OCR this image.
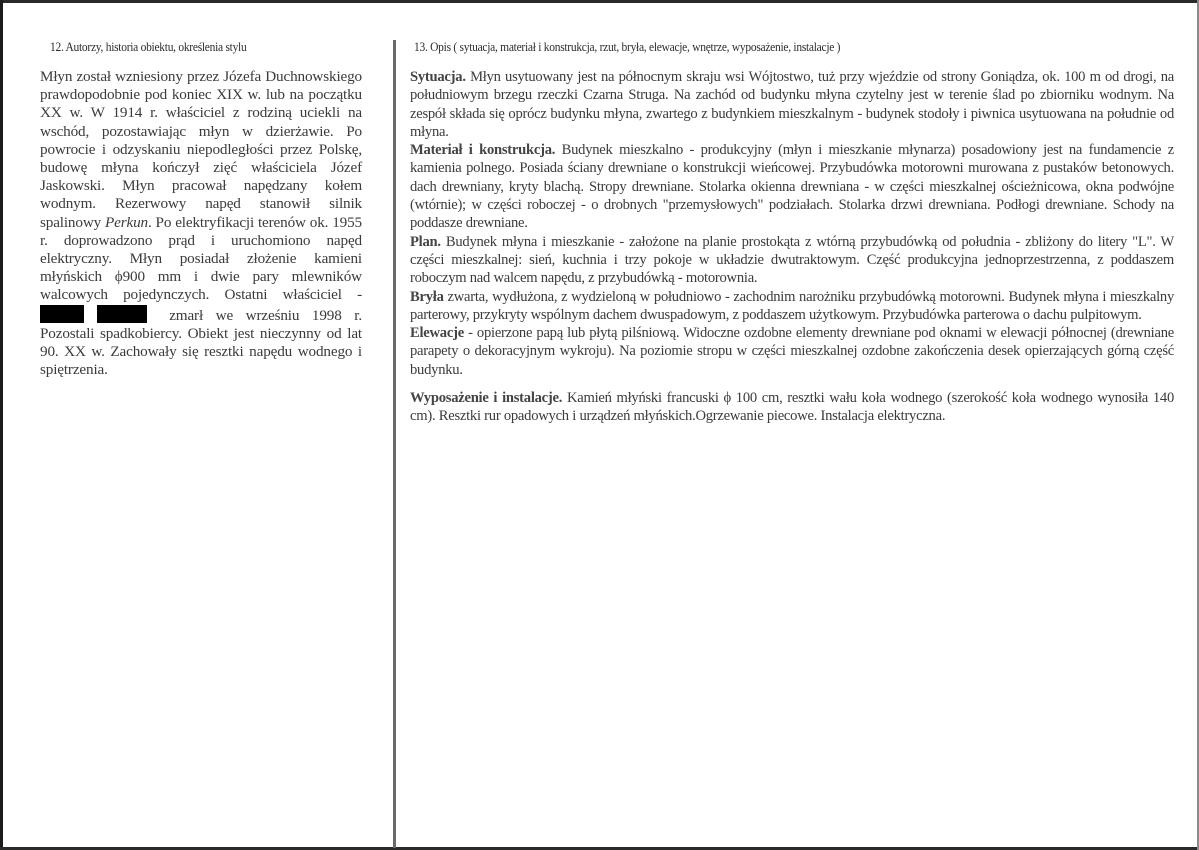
12. Autorzy, historia obiektu, określenia stylu
Młyn został wzniesiony przez Józefa Duchnowskiego prawdopodobnie pod koniec XIX w. lub na początku XX w. W 1914 r. właściciel z rodziną uciekli na wschód, pozostawiając młyn w dzierżawie. Po powrocie i odzyskaniu niepodległości przez Polskę, budowę młyna kończył zięć właściciela Józef Jaskowski. Młyn pracował napędzany kołem wodnym. Rezerwowy napęd stanowił silnik spalinowy Perkun. Po elektryfikacji terenów ok. 1955 r. doprowadzono prąd i uruchomiono napęd elektryczny. Młyn posiadał złożenie kamieni młyńskich ϕ900 mm i dwie pary mlewników walcowych pojedynczych. Ostatni właściciel -   zmarł we wrześniu 1998 r. Pozostali spadkobiercy. Obiekt jest nieczynny od lat 90. XX w. Zachowały się resztki napędu wodnego i spiętrzenia.
13. Opis ( sytuacja, materiał i konstrukcja, rzut, bryła, elewacje, wnętrze, wyposażenie, instalacje )

Sytuacja. Młyn usytuowany jest na północnym skraju wsi Wójtostwo, tuż przy wjeździe od strony Goniądza, ok. 100 m od drogi, na południowym brzegu rzeczki Czarna Struga. Na zachód od budynku młyna czytelny jest w terenie ślad po zbiorniku wodnym. Na zespół składa się oprócz budynku młyna, zwartego z budynkiem mieszkalnym - budynek stodoły i piwnica usytuowana na południe od młyna.

Materiał i konstrukcja. Budynek mieszkalno - produkcyjny (młyn i mieszkanie młynarza) posadowiony jest na fundamencie z kamienia polnego. Posiada ściany drewniane o konstrukcji wieńcowej. Przybudówka motorowni murowana z pustaków betonowych. dach drewniany, kryty blachą. Stropy drewniane. Stolarka okienna drewniana - w części mieszkalnej ościeżnicowa, okna podwójne (wtórnie); w części roboczej - o drobnych "przemysłowych" podziałach. Stolarka drzwi drewniana. Podłogi drewniane. Schody na poddasze drewniane.

Plan. Budynek młyna i mieszkanie - założone na planie prostokąta z wtórną przybudówką od południa - zbliżony do litery "L". W części mieszkalnej: sień, kuchnia i trzy pokoje w układzie dwutraktowym. Część produkcyjna jednoprzestrzenna, z poddaszem roboczym nad walcem napędu, z przybudówką - motorownia.

Bryła zwarta, wydłużona, z wydzieloną w południowo - zachodnim narożniku przybudówką motorowni. Budynek młyna i mieszkalny parterowy, przykryty wspólnym dachem dwuspadowym, z poddaszem użytkowym. Przybudówka parterowa o dachu pulpitowym.

Elewacje - opierzone papą lub płytą pilśniową. Widoczne ozdobne elementy drewniane pod oknami w elewacji północnej (drewniane parapety o dekoracyjnym wykroju). Na poziomie stropu w części mieszkalnej ozdobne zakończenia desek opierzających górną część budynku.

Wyposażenie i instalacje. Kamień młyński francuski ϕ 100 cm, resztki wału koła wodnego (szerokość koła wodnego wynosiła 140 cm). Resztki rur opadowych i urządzeń młyńskich.Ogrzewanie piecowe. Instalacja elektryczna.
